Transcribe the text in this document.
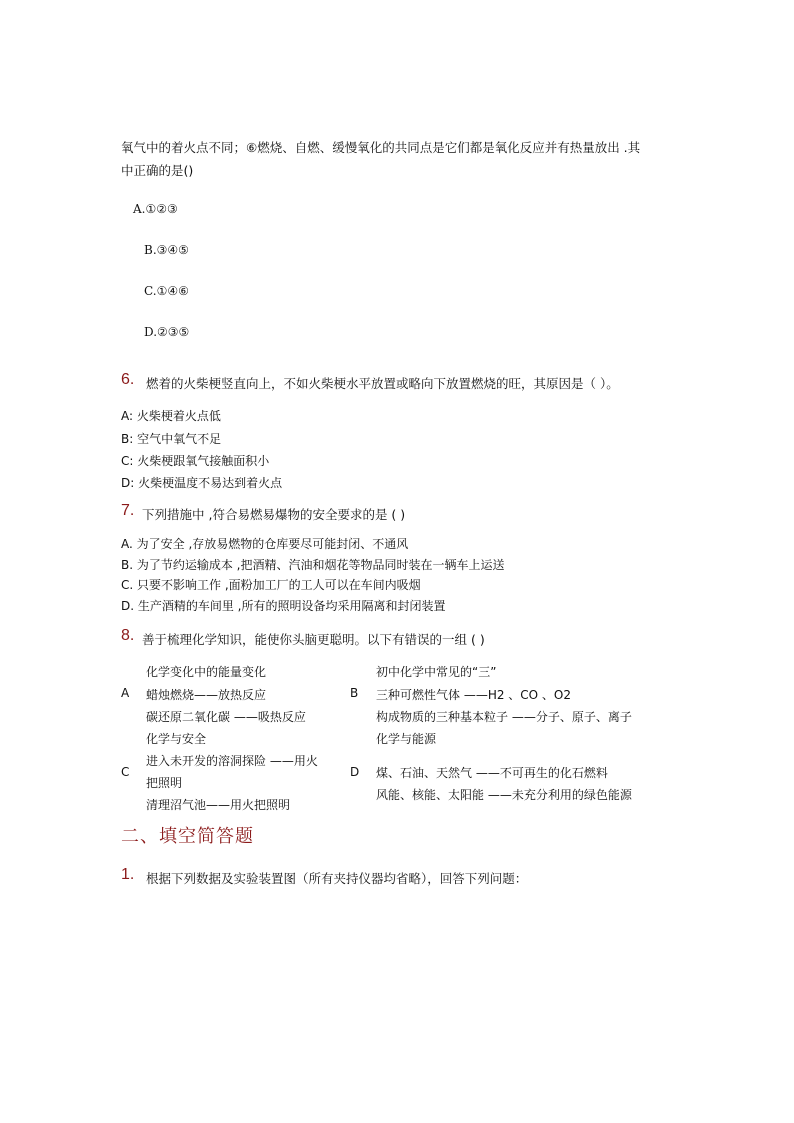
氧气中的着火点不同；⑥燃烧、自燃、缓慢氧化的共同点是它们都是氧化反应并有热量放出 .其
中正确的是()
A.①②③
B.③④⑤
C.①④⑥
D.②③⑤
6. 燃着的火柴梗竖直向上，不如火柴梗水平放置或略向下放置燃烧的旺，其原因是（ ）。
A: 火柴梗着火点低
B: 空气中氧气不足
C: 火柴梗跟氧气接触面积小
D: 火柴梗温度不易达到着火点
7. 下列措施中 ,符合易燃易爆物的安全要求的是 ( )
A. 为了安全 ,存放易燃物的仓库要尽可能封闭、不通风
B. 为了节约运输成本 ,把酒精、汽油和烟花等物品同时装在一辆车上运送
C. 只要不影响工作 ,面粉加工厂的工人可以在车间内吸烟
D. 生产酒精的车间里 ,所有的照明设备均采用隔离和封闭装置
8. 善于梳理化学知识，能使你头脑更聪明。以下有错误的一组 ( )
A
化学变化中的能量变化
蜡烛燃烧——放热反应
碳还原二氧化碳 ——吸热反应
B
初中化学中常见的“三”
三种可燃性气体 ——H2 、CO 、O2
构成物质的三种基本粒子 ——分子、原子、离子
C
化学与安全
进入未开发的溶洞探险 ——用火
把照明
清理沼气池——用火把照明
D
化学与能源
煤、石油、天然气 ——不可再生的化石燃料
风能、核能、太阳能 ——未充分利用的绿色能源
二、填空简答题
1. 根据下列数据及实验装置图（所有夹持仪器均省略），回答下列问题：
